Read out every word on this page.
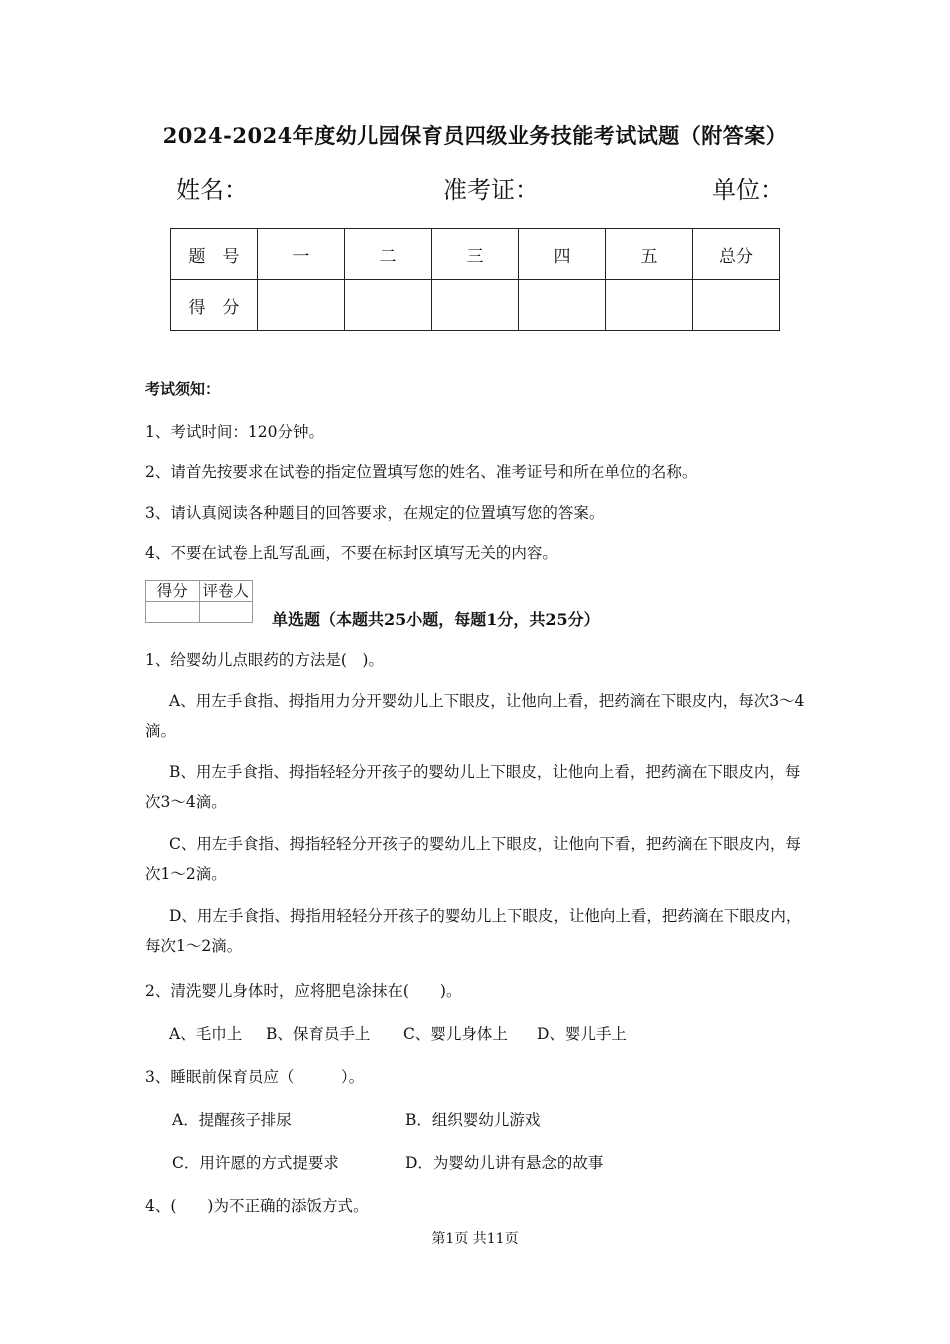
2024-2024年度幼儿园保育员四级业务技能考试试题（附答案）
姓名：	准考证：	单位：
题　号	一	二	三	四	五	总分
得　分						
考试须知：
1、考试时间：120分钟。
2、请首先按要求在试卷的指定位置填写您的姓名、准考证号和所在单位的名称。
3、请认真阅读各种题目的回答要求，在规定的位置填写您的答案。
4、不要在试卷上乱写乱画，不要在标封区填写无关的内容。
得分	评卷人

单选题（本题共25小题，每题1分，共25分）
1、给婴幼儿点眼药的方法是(　)。
A、用左手食指、拇指用力分开婴幼儿上下眼皮，让他向上看，把药滴在下眼皮内，每次3～4滴。
B、用左手食指、拇指轻轻分开孩子的婴幼儿上下眼皮，让他向上看，把药滴在下眼皮内，每次3～4滴。
C、用左手食指、拇指轻轻分开孩子的婴幼儿上下眼皮，让他向下看，把药滴在下眼皮内，每次1～2滴。
D、用左手食指、拇指用轻轻分开孩子的婴幼儿上下眼皮，让他向上看，把药滴在下眼皮内，每次1～2滴。
2、清洗婴儿身体时，应将肥皂涂抹在(　　)。
A、毛巾上 B、保育员手上 C、婴儿身体上 D、婴儿手上
3、睡眠前保育员应（　　　）。
A．提醒孩子排尿	B．组织婴幼儿游戏
C．用许愿的方式提要求	D．为婴幼儿讲有悬念的故事
4、(　　)为不正确的添饭方式。
第1页 共11页
